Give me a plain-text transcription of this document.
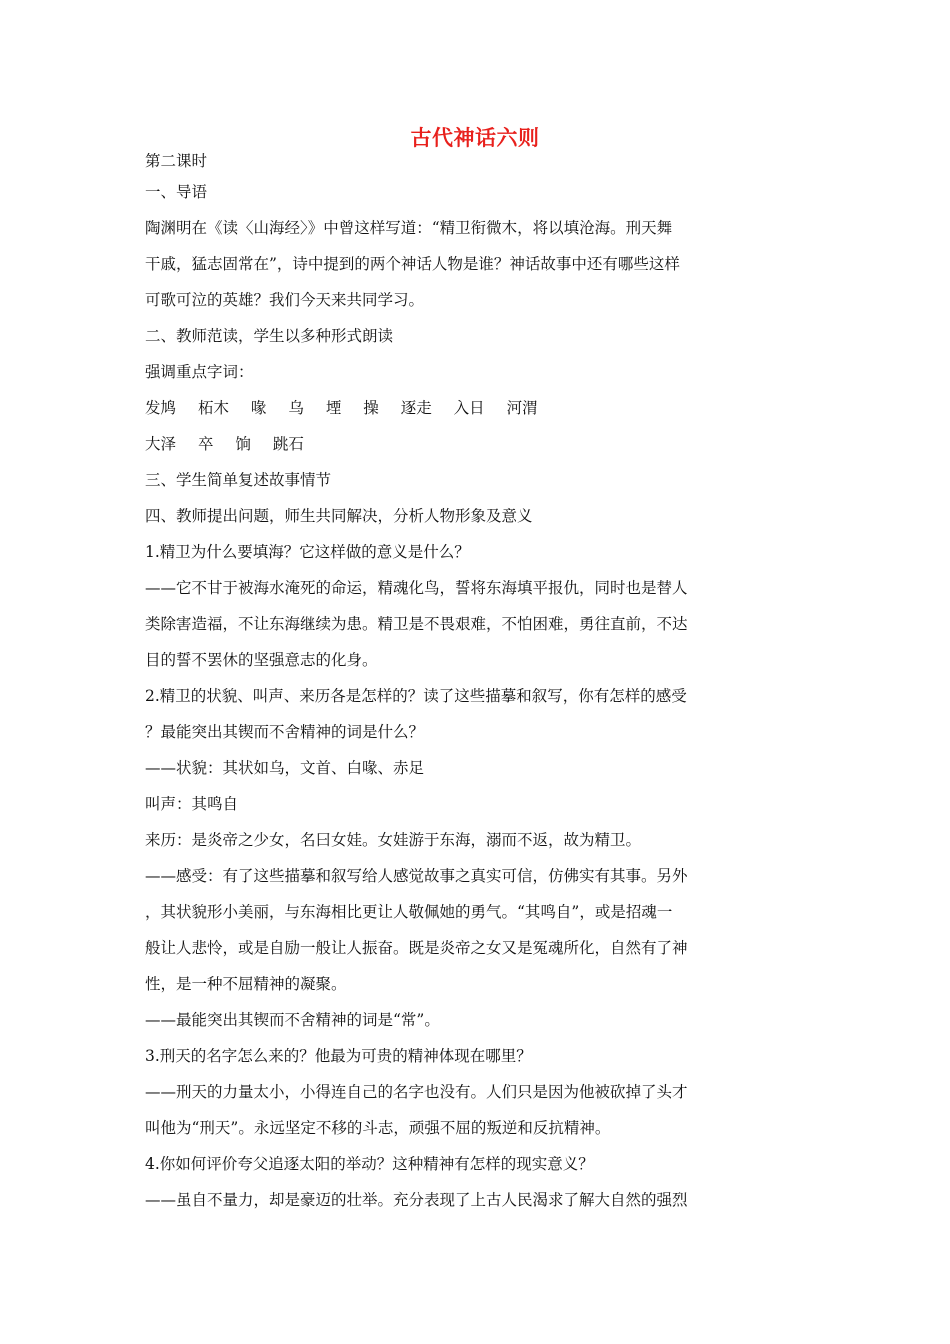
古代神话六则
第二课时
一、导语
陶渊明在《读〈山海经〉》中曾这样写道：“精卫衔微木，将以填沧海。刑天舞
干戚，猛志固常在”，诗中提到的两个神话人物是谁？神话故事中还有哪些这样
可歌可泣的英雄？我们今天来共同学习。
二、教师范读，学生以多种形式朗读
强调重点字词：
发鸠 柘木 喙 乌 堙 操 逐走 入日 河渭
大泽 卒 饷 跳石
三、学生简单复述故事情节
四、教师提出问题，师生共同解决，分析人物形象及意义
1.精卫为什么要填海？它这样做的意义是什么？
——它不甘于被海水淹死的命运，精魂化鸟，誓将东海填平报仇，同时也是替人
类除害造福，不让东海继续为患。精卫是不畏艰难，不怕困难，勇往直前，不达
目的誓不罢休的坚强意志的化身。
2.精卫的状貌、叫声、来历各是怎样的？读了这些描摹和叙写，你有怎样的感受
？最能突出其锲而不舍精神的词是什么？
——状貌：其状如乌，文首、白喙、赤足
叫声：其鸣自
来历：是炎帝之少女，名曰女娃。女娃游于东海，溺而不返，故为精卫。
——感受：有了这些描摹和叙写给人感觉故事之真实可信，仿佛实有其事。另外
，其状貌形小美丽，与东海相比更让人敬佩她的勇气。“其鸣自”，或是招魂一
般让人悲怜，或是自励一般让人振奋。既是炎帝之女又是冤魂所化，自然有了神
性，是一种不屈精神的凝聚。
——最能突出其锲而不舍精神的词是“常”。
3.刑天的名字怎么来的？他最为可贵的精神体现在哪里？
——刑天的力量太小，小得连自己的名字也没有。人们只是因为他被砍掉了头才
叫他为“刑天”。永远坚定不移的斗志，顽强不屈的叛逆和反抗精神。
4.你如何评价夸父追逐太阳的举动？这种精神有怎样的现实意义？
——虽自不量力，却是豪迈的壮举。充分表现了上古人民渴求了解大自然的强烈
